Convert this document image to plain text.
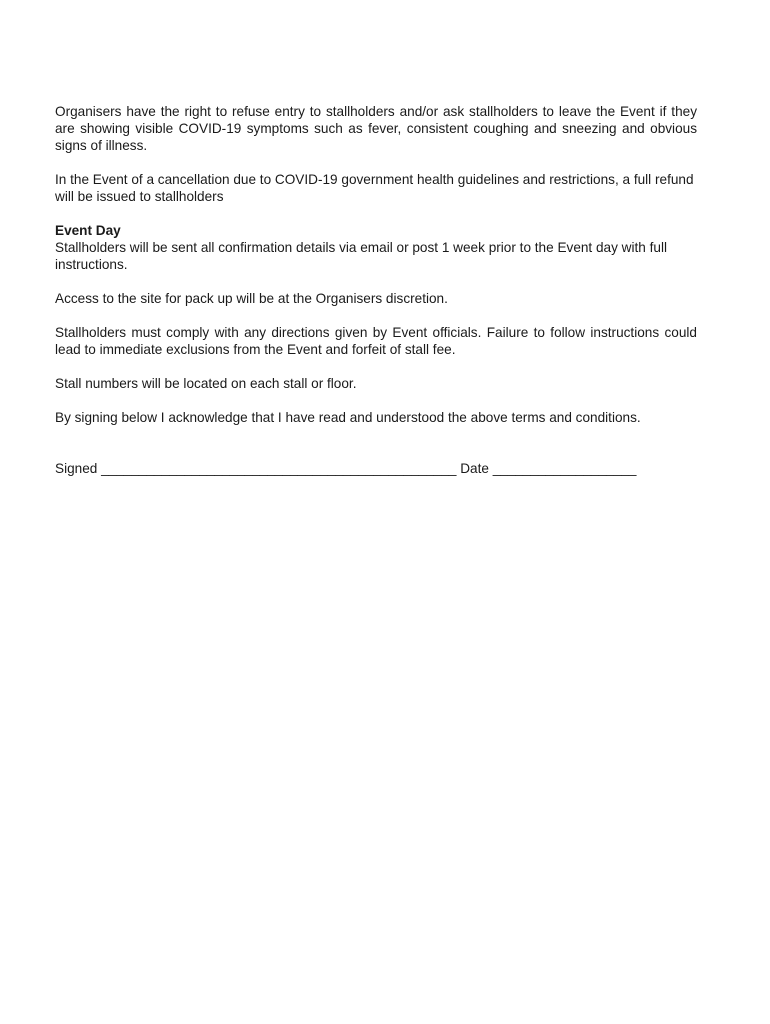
Organisers have the right to refuse entry to stallholders and/or ask stallholders to leave the Event if they are showing visible COVID-19 symptoms such as fever, consistent coughing and sneezing and obvious signs of illness.

In the Event of a cancellation due to COVID-19 government health guidelines and restrictions, a full refund will be issued to stallholders

Event Day

Stallholders will be sent all confirmation details via email or post 1 week prior to the Event day with full instructions.

Access to the site for pack up will be at the Organisers discretion.

Stallholders must comply with any directions given by Event officials. Failure to follow instructions could lead to immediate exclusions from the Event and forfeit of stall fee.

Stall numbers will be located on each stall or floor.

By signing below I acknowledge that I have read and understood the above terms and conditions.

Signed _______________________________________________ Date ___________________
